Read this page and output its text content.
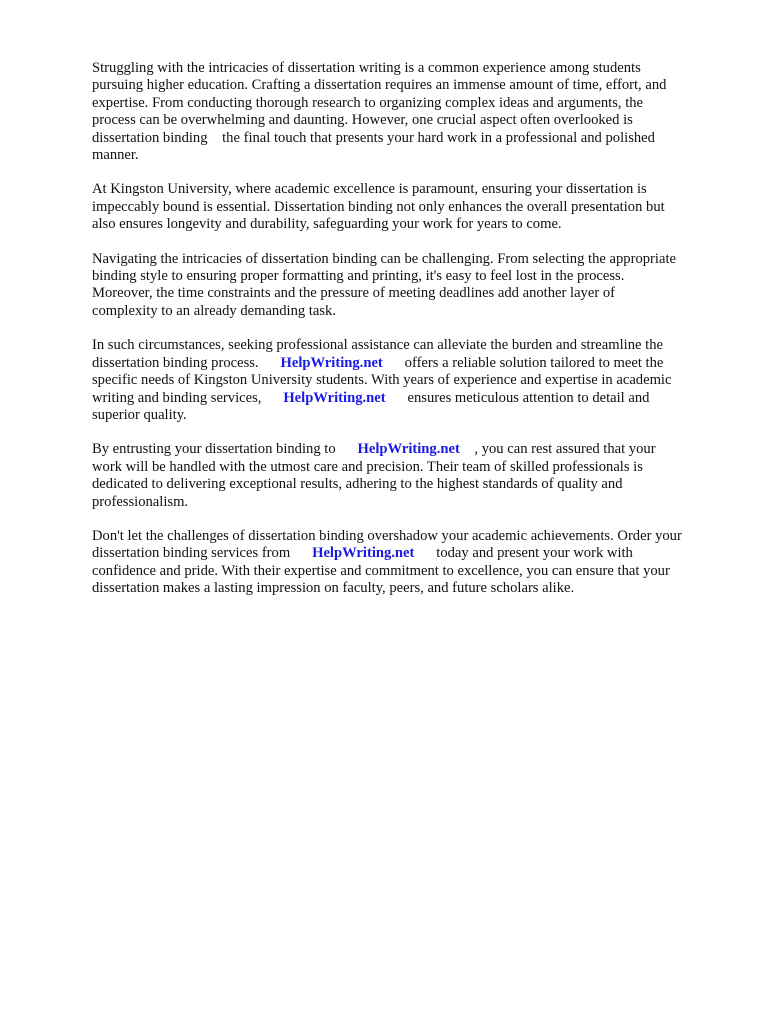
Struggling with the intricacies of dissertation writing is a common experience among students
pursuing higher education. Crafting a dissertation requires an immense amount of time, effort, and
expertise. From conducting thorough research to organizing complex ideas and arguments, the
process can be overwhelming and daunting. However, one crucial aspect often overlooked is
dissertation binding    the final touch that presents your hard work in a professional and polished
manner.

At Kingston University, where academic excellence is paramount, ensuring your dissertation is
impeccably bound is essential. Dissertation binding not only enhances the overall presentation but
also ensures longevity and durability, safeguarding your work for years to come.

Navigating the intricacies of dissertation binding can be challenging. From selecting the appropriate
binding style to ensuring proper formatting and printing, it's easy to feel lost in the process.
Moreover, the time constraints and the pressure of meeting deadlines add another layer of
complexity to an already demanding task.

In such circumstances, seeking professional assistance can alleviate the burden and streamline the
dissertation binding process.      HelpWriting.net      offers a reliable solution tailored to meet the
specific needs of Kingston University students. With years of experience and expertise in academic
writing and binding services,      HelpWriting.net      ensures meticulous attention to detail and
superior quality.

By entrusting your dissertation binding to      HelpWriting.net    , you can rest assured that your
work will be handled with the utmost care and precision. Their team of skilled professionals is
dedicated to delivering exceptional results, adhering to the highest standards of quality and
professionalism.

Don't let the challenges of dissertation binding overshadow your academic achievements. Order your
dissertation binding services from      HelpWriting.net      today and present your work with
confidence and pride. With their expertise and commitment to excellence, you can ensure that your
dissertation makes a lasting impression on faculty, peers, and future scholars alike.
